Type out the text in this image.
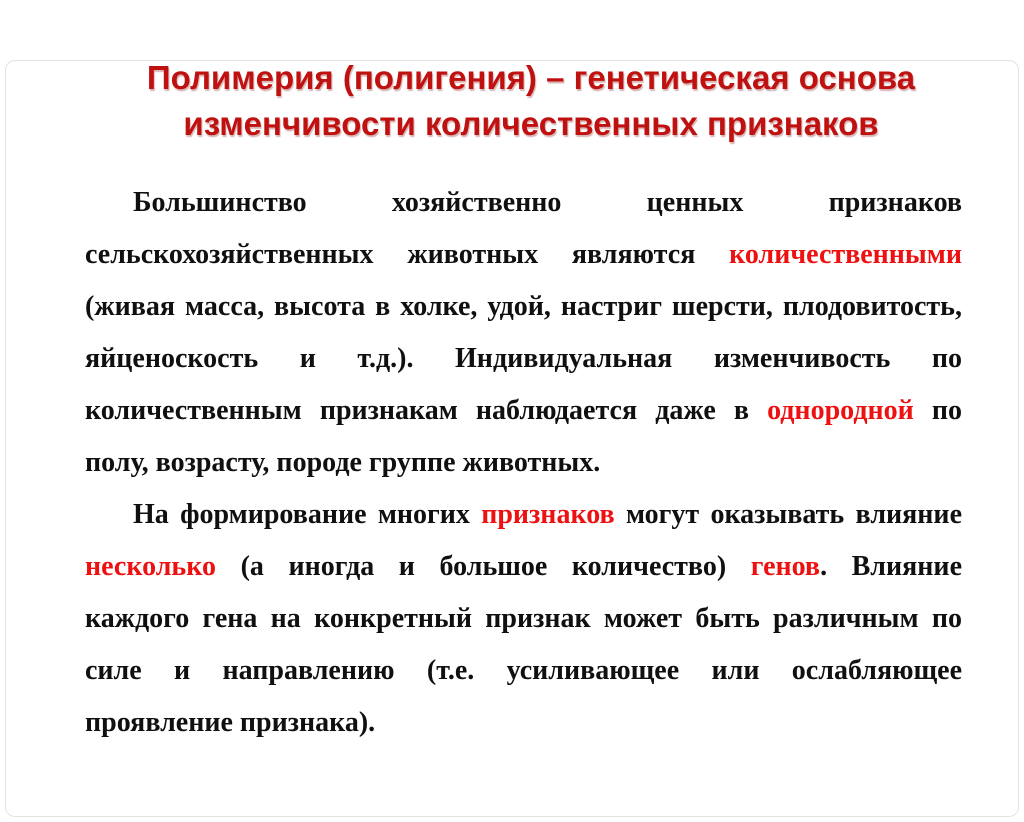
Полимерия (полигения) – генетическая основа
изменчивости количественных признаков
Большинство хозяйственно ценных признаков
сельскохозяйственных животных являются количественными
(живая масса, высота в холке, удой, настриг шерсти, плодовитость,
яйценоскость и т.д.). Индивидуальная изменчивость по
количественным признакам наблюдается даже в однородной по
полу, возрасту, породе группе животных.
На формирование многих признаков могут оказывать влияние
несколько (а иногда и большое количество) генов. Влияние
каждого гена на конкретный признак может быть различным по
силе и направлению (т.е. усиливающее или ослабляющее
проявление признака).
